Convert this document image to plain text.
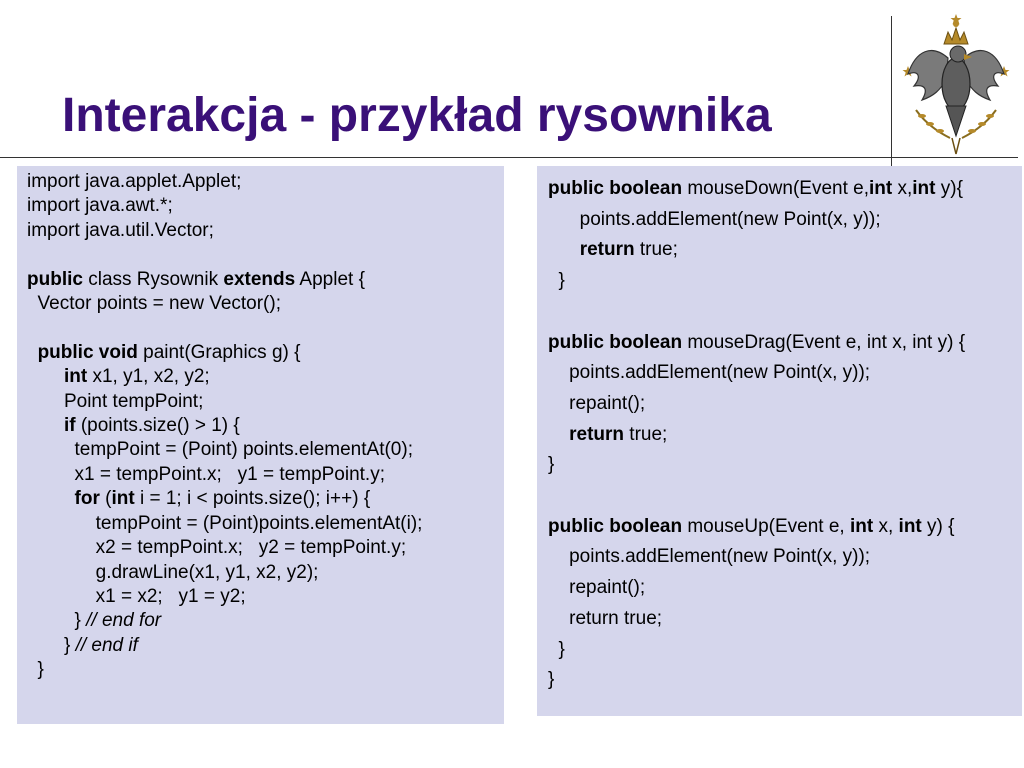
Interakcja - przykład rysownika
import java.applet.Applet;
import java.awt.*;
import java.util.Vector;

public class Rysownik extends Applet {
Vector points = new Vector();

public void paint(Graphics g) {
int x1, y1, x2, y2;
Point tempPoint;
if (points.size() > 1) {
tempPoint = (Point) points.elementAt(0);
x1 = tempPoint.x;   y1 = tempPoint.y;
for (int i = 1; i < points.size(); i++) {
tempPoint = (Point)points.elementAt(i);
x2 = tempPoint.x;   y2 = tempPoint.y;
g.drawLine(x1, y1, x2, y2);
x1 = x2;   y1 = y2;
} // end for
} // end if
}
public boolean mouseDown(Event e,int x,int y){
points.addElement(new Point(x, y));
return true;
}

public boolean mouseDrag(Event e, int x, int y) {
points.addElement(new Point(x, y));
repaint();
return true;
}

public boolean mouseUp(Event e, int x, int y) {
points.addElement(new Point(x, y));
repaint();
return true;
}
}
